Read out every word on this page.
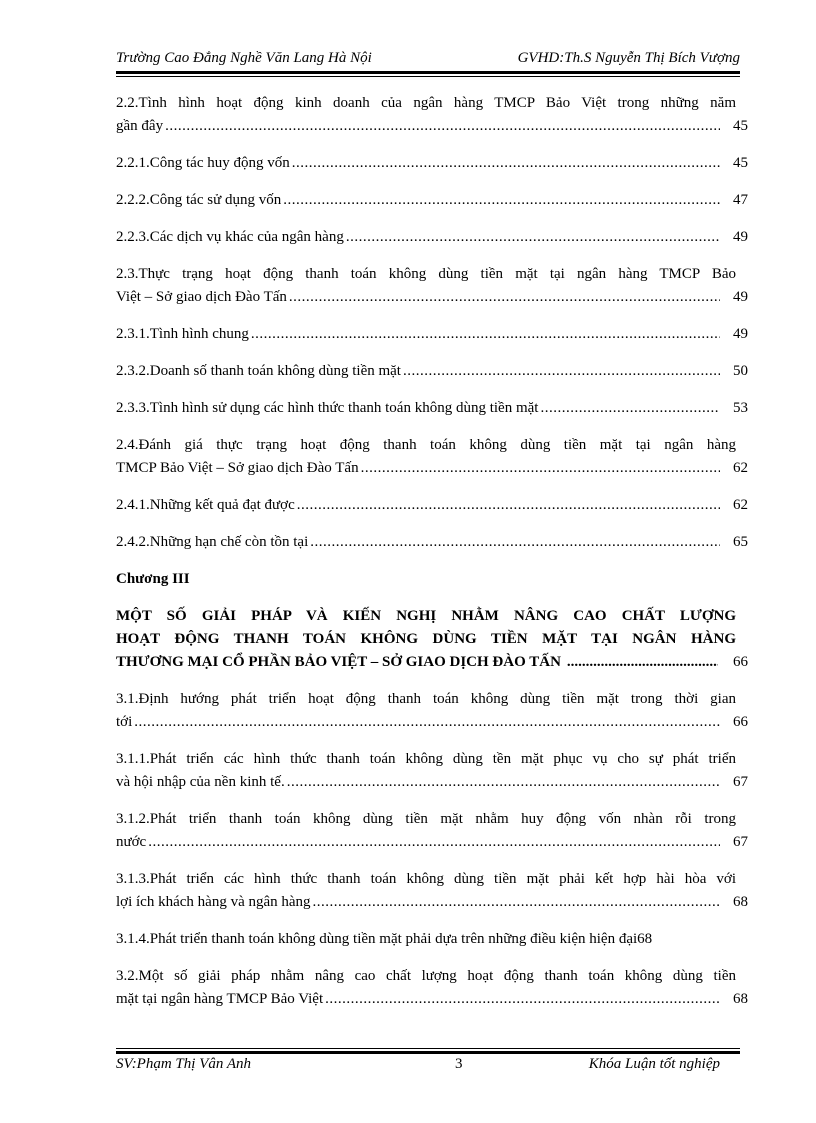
Trường Cao Đẳng Nghề Văn Lang Hà Nội	GVHD:Th.S Nguyễn Thị Bích Vượng
2.2.Tình hình hoạt động kinh doanh của ngân hàng TMCP Bảo Việt trong những năm
gần đây .....	45
2.2.1.Công tác huy động vốn .....	45
2.2.2.Công tác sử dụng vốn .....	47
2.2.3.Các dịch vụ khác của ngân hàng .....	49
2.3.Thực trạng hoạt động thanh toán không dùng tiền mặt tại ngân hàng TMCP Bảo
Việt – Sở giao dịch Đào Tấn .....	49
2.3.1.Tình hình chung .....	49
2.3.2.Doanh số thanh toán không dùng tiền mặt .....	50
2.3.3.Tình hình sử dụng các hình thức thanh toán không dùng tiền mặt .....	53
2.4.Đánh giá thực trạng hoạt động thanh toán không dùng tiền mặt tại ngân hàng
TMCP Bảo Việt – Sở giao dịch Đào Tấn .....	62
2.4.1.Những kết quả đạt được .....	62
2.4.2.Những hạn chế còn tồn tại .....	65
Chương III
MỘT SỐ GIẢI PHÁP VÀ KIẾN NGHỊ NHẰM NÂNG CAO CHẤT LƯỢNG
HOẠT ĐỘNG THANH TOÁN KHÔNG DÙNG TIỀN MẶT TẠI NGÂN HÀNG
THƯƠNG MẠI CỔ PHẦN BẢO VIỆT – SỞ GIAO DỊCH ĐÀO TẤN .....	66
3.1.Định hướng phát triển hoạt động thanh toán không dùng tiền mặt trong thời gian
tới .....	66
3.1.1.Phát triển các hình thức thanh toán không dùng tền mặt phục vụ cho sự phát triển
và hội nhập của nền kinh tế. .....	67
3.1.2.Phát triển thanh toán không dùng tiền mặt nhằm huy động vốn nhàn rỗi trong
nước .....	67
3.1.3.Phát triển các hình thức thanh toán không dùng tiền mặt phải kết hợp hài hòa với
lợi ích khách hàng và ngân hàng .....	68
3.1.4.Phát triển thanh toán không dùng tiền mặt phải dựa trên những điều kiện hiện đại68
3.2.Một số giải pháp nhằm nâng cao chất lượng hoạt động thanh toán không dùng tiền
mặt tại ngân hàng TMCP Bảo Việt .....	68
SV:Phạm Thị Vân Anh	3	Khóa Luận tốt nghiệp
